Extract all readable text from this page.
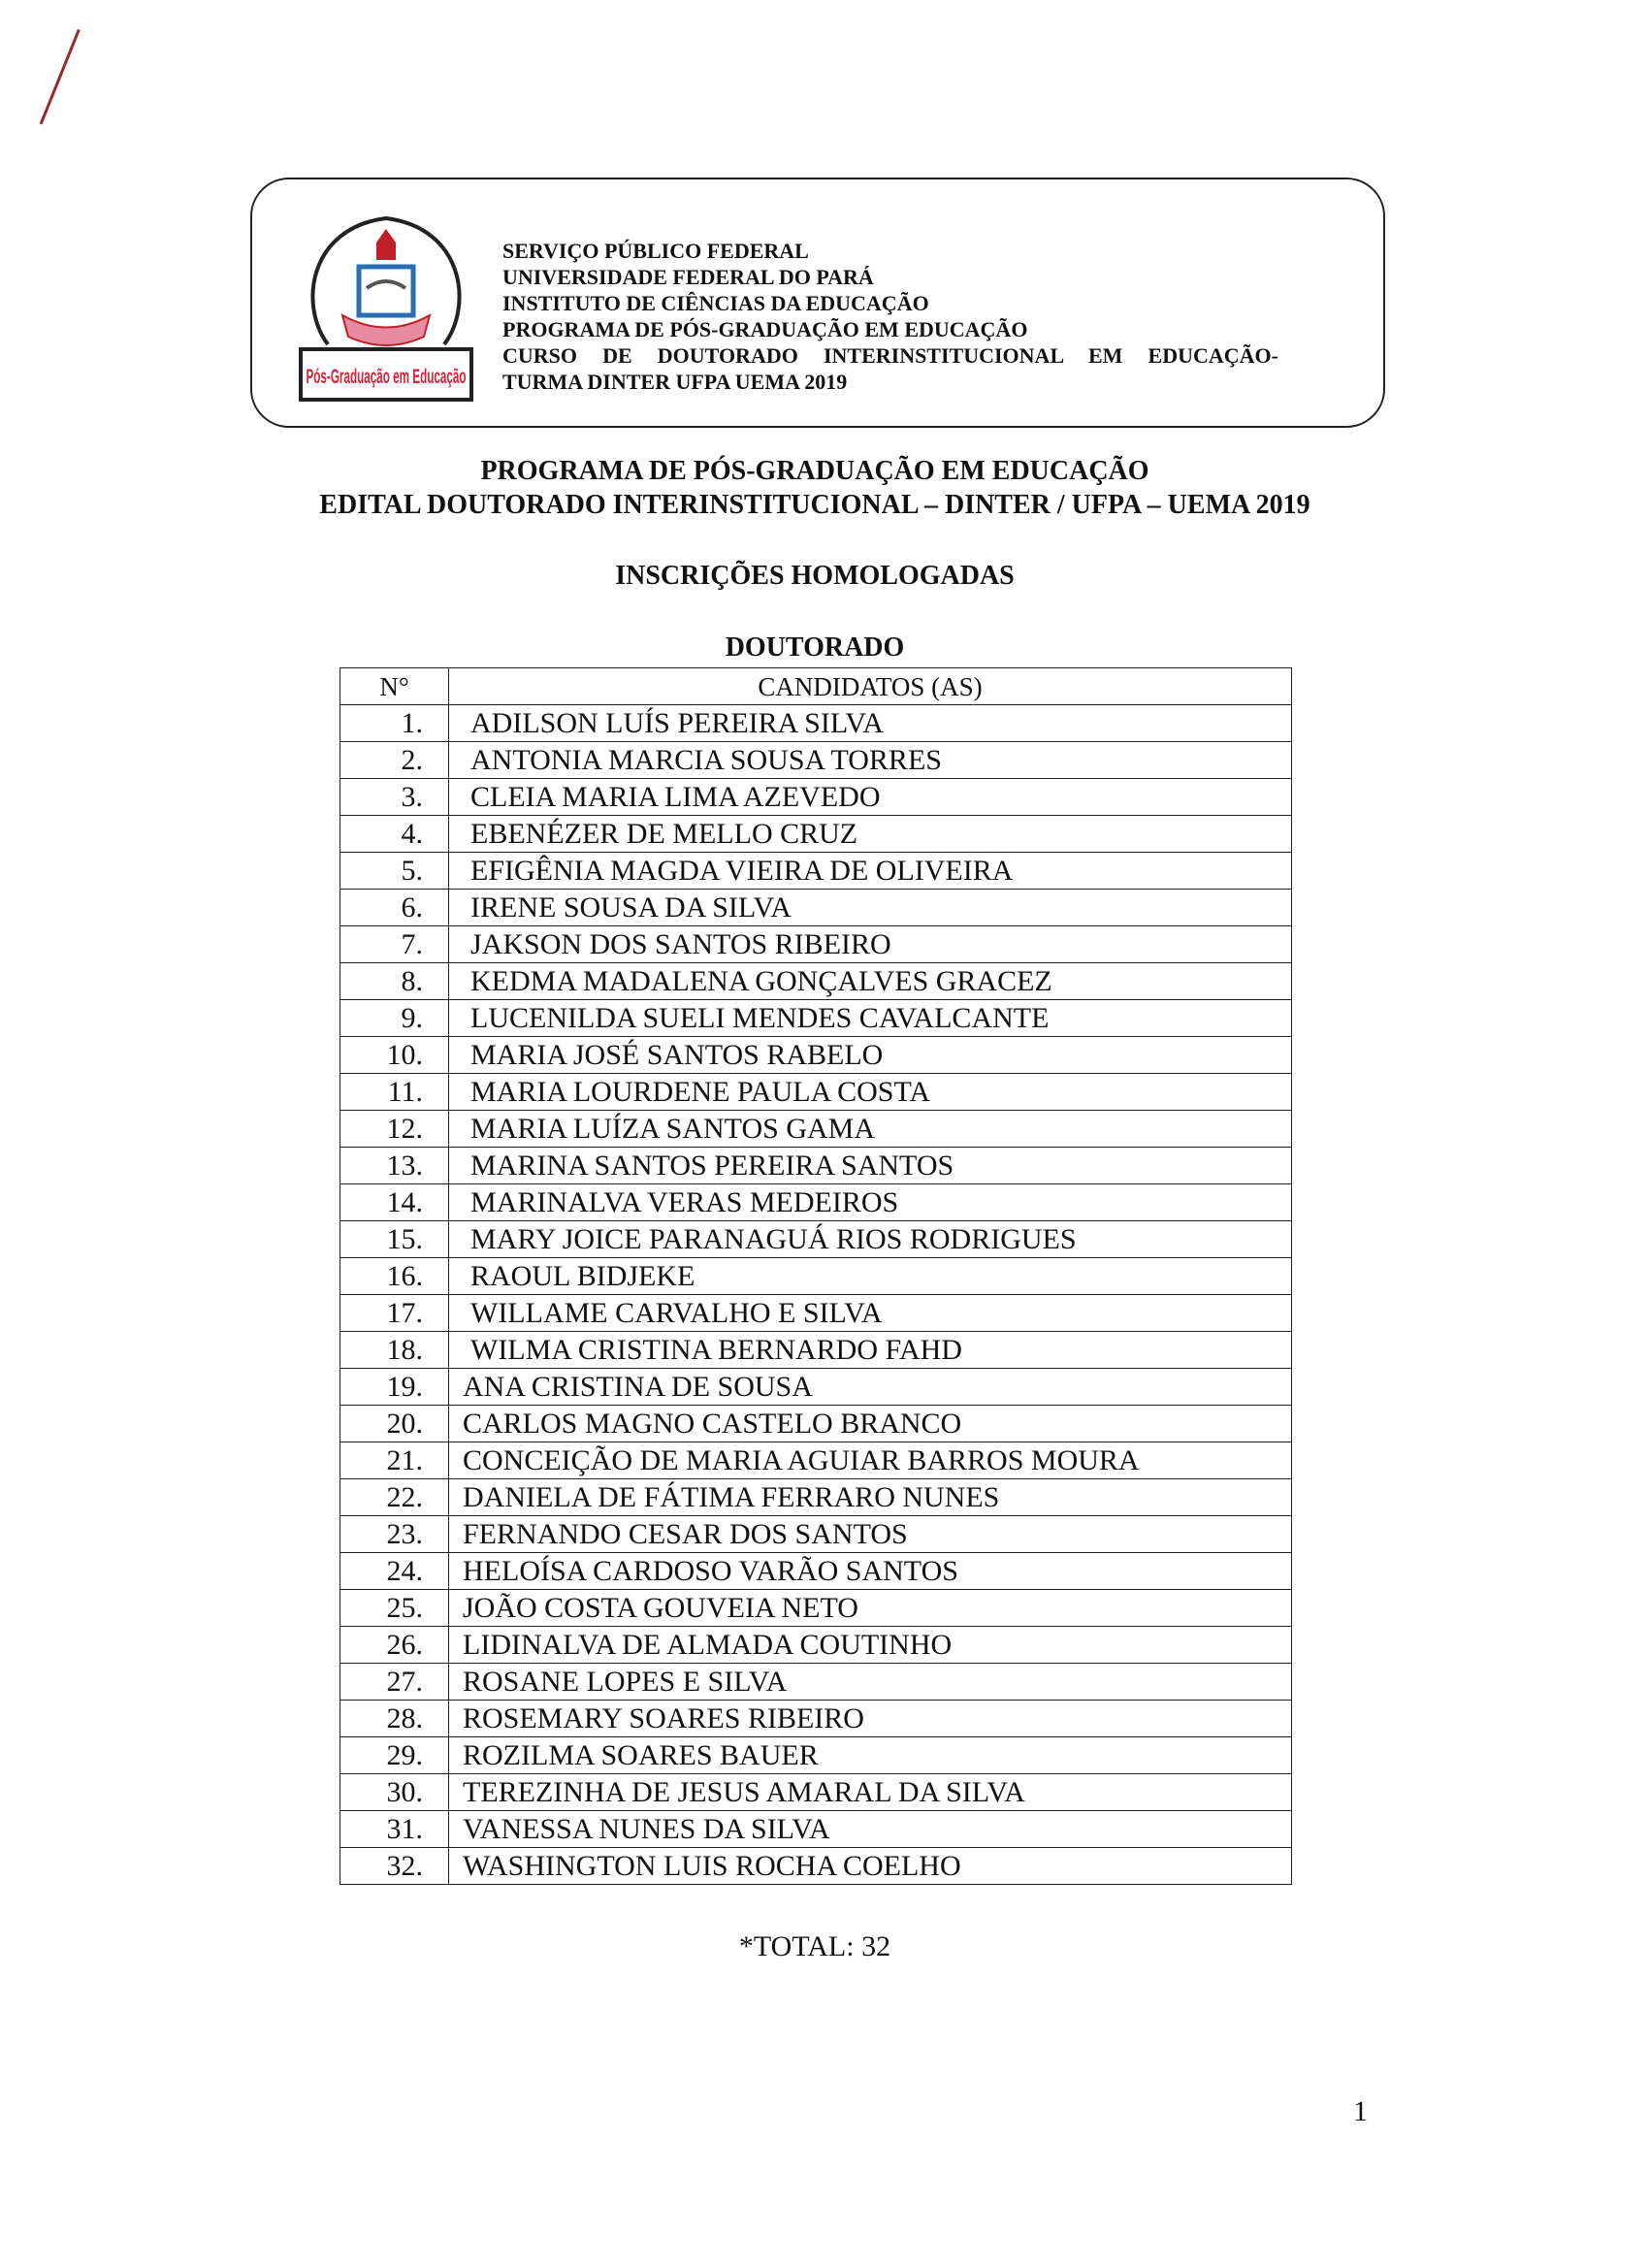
Pós-Graduação em Educação
SERVIÇO PÚBLICO FEDERAL
UNIVERSIDADE FEDERAL DO PARÁ
INSTITUTO DE CIÊNCIAS DA EDUCAÇÃO
PROGRAMA DE PÓS-GRADUAÇÃO EM EDUCAÇÃO
CURSO DE DOUTORADO INTERINSTITUCIONAL EM EDUCAÇÃO-
TURMA DINTER UFPA UEMA 2019
PROGRAMA DE PÓS-GRADUAÇÃO EM EDUCAÇÃO
EDITAL DOUTORADO INTERINSTITUCIONAL – DINTER / UFPA – UEMA 2019
INSCRIÇÕES HOMOLOGADAS
DOUTORADO
N°	CANDIDATOS (AS)
1.	ADILSON LUÍS PEREIRA SILVA
2.	ANTONIA MARCIA SOUSA TORRES
3.	CLEIA MARIA LIMA AZEVEDO
4.	EBENÉZER DE MELLO CRUZ
5.	EFIGÊNIA MAGDA VIEIRA DE OLIVEIRA
6.	IRENE SOUSA DA SILVA
7.	JAKSON DOS SANTOS RIBEIRO
8.	KEDMA MADALENA GONÇALVES GRACEZ
9.	LUCENILDA SUELI MENDES CAVALCANTE
10.	MARIA JOSÉ SANTOS RABELO
11.	MARIA LOURDENE PAULA COSTA
12.	MARIA LUÍZA SANTOS GAMA
13.	MARINA SANTOS PEREIRA SANTOS
14.	MARINALVA VERAS MEDEIROS
15.	MARY JOICE PARANAGUÁ RIOS RODRIGUES
16.	RAOUL BIDJEKE
17.	WILLAME CARVALHO E SILVA
18.	WILMA CRISTINA BERNARDO FAHD
19.	ANA CRISTINA DE SOUSA
20.	CARLOS MAGNO CASTELO BRANCO
21.	CONCEIÇÃO DE MARIA AGUIAR BARROS MOURA
22.	DANIELA DE FÁTIMA FERRARO NUNES
23.	FERNANDO CESAR DOS SANTOS
24.	HELOÍSA CARDOSO VARÃO SANTOS
25.	JOÃO COSTA GOUVEIA NETO
26.	LIDINALVA DE ALMADA COUTINHO
27.	ROSANE LOPES E SILVA
28.	ROSEMARY SOARES RIBEIRO
29.	ROZILMA SOARES BAUER
30.	TEREZINHA DE JESUS AMARAL DA SILVA
31.	VANESSA NUNES DA SILVA
32.	WASHINGTON LUIS ROCHA COELHO
*TOTAL: 32
1
